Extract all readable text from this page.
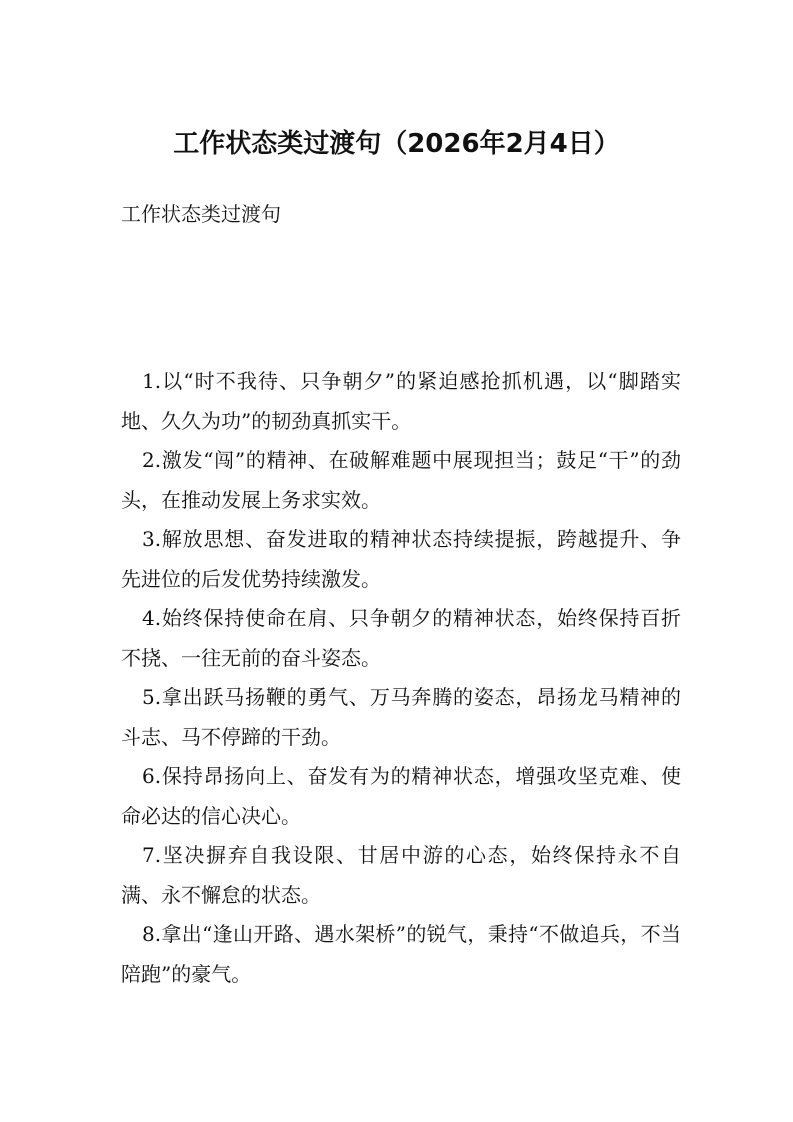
工作状态类过渡句（2026年2月4日）
工作状态类过渡句

1.以“时不我待、只争朝夕”的紧迫感抢抓机遇，以“脚踏实地、久久为功”的韧劲真抓实干。

2.激发“闯”的精神、在破解难题中展现担当；鼓足“干”的劲头，在推动发展上务求实效。

3.解放思想、奋发进取的精神状态持续提振，跨越提升、争先进位的后发优势持续激发。

4.始终保持使命在肩、只争朝夕的精神状态，始终保持百折不挠、一往无前的奋斗姿态。

5.拿出跃马扬鞭的勇气、万马奔腾的姿态，昂扬龙马精神的斗志、马不停蹄的干劲。

6.保持昂扬向上、奋发有为的精神状态，增强攻坚克难、使命必达的信心决心。

7.坚决摒弃自我设限、甘居中游的心态，始终保持永不自满、永不懈怠的状态。

8.拿出“逢山开路、遇水架桥”的锐气，秉持“不做追兵，不当陪跑”的豪气。
